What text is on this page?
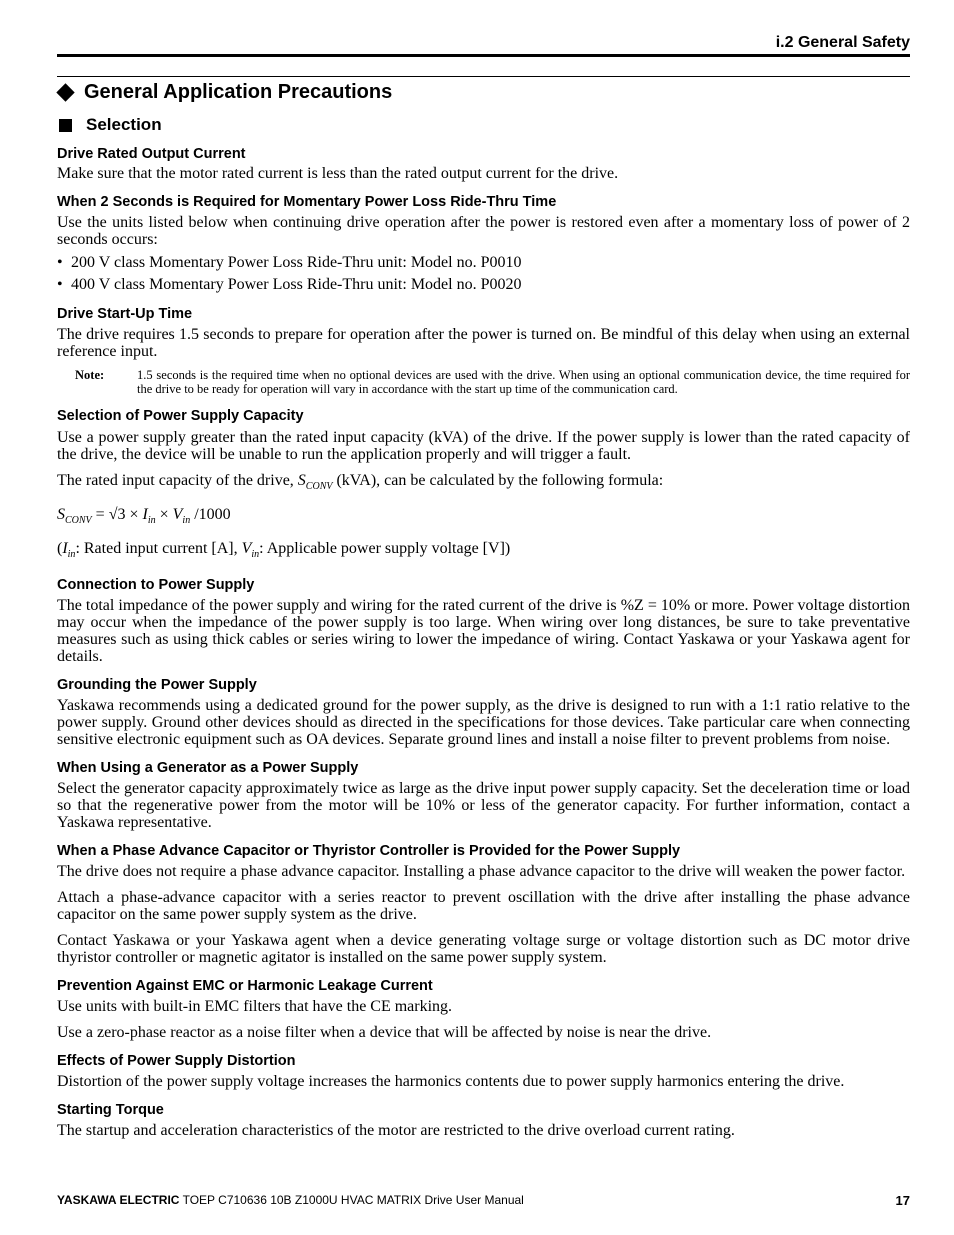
i.2 General Safety
General Application Precautions
Selection
Drive Rated Output Current

Make sure that the motor rated current is less than the rated output current for the drive.

When 2 Seconds is Required for Momentary Power Loss Ride-Thru Time

Use the units listed below when continuing drive operation after the power is restored even after a momentary loss of power of 2 seconds occurs:

• 200 V class Momentary Power Loss Ride-Thru unit: Model no. P0010
• 400 V class Momentary Power Loss Ride-Thru unit: Model no. P0020
Drive Start-Up Time

The drive requires 1.5 seconds to prepare for operation after the power is turned on. Be mindful of this delay when using an external reference input.

Note:	1.5 seconds is the required time when no optional devices are used with the drive. When using an optional communication device, the time required for the drive to be ready for operation will vary in accordance with the start up time of the communication card.
Selection of Power Supply Capacity

Use a power supply greater than the rated input capacity (kVA) of the drive. If the power supply is lower than the rated capacity of the drive, the device will be unable to run the application properly and will trigger a fault.

The rated input capacity of the drive, $S_{CONV}$ (kVA), can be calculated by the following formula:

$S_{CONV} = √3 \times I_{in} \times V_{in}$ /1000

($I_{in}$: Rated input current [A], $V_{in}$: Applicable power supply voltage [V])

Connection to Power Supply

The total impedance of the power supply and wiring for the rated current of the drive is %Z = 10% or more. Power voltage distortion may occur when the impedance of the power supply is too large. When wiring over long distances, be sure to take preventative measures such as using thick cables or series wiring to lower the impedance of wiring. Contact Yaskawa or your Yaskawa agent for details.

Grounding the Power Supply

Yaskawa recommends using a dedicated ground for the power supply, as the drive is designed to run with a 1:1 ratio relative to the power supply. Ground other devices should as directed in the specifications for those devices. Take particular care when connecting sensitive electronic equipment such as OA devices. Separate ground lines and install a noise filter to prevent problems from noise.

When Using a Generator as a Power Supply

Select the generator capacity approximately twice as large as the drive input power supply capacity. Set the deceleration time or load so that the regenerative power from the motor will be 10% or less of the generator capacity. For further information, contact a Yaskawa representative.

When a Phase Advance Capacitor or Thyristor Controller is Provided for the Power Supply

The drive does not require a phase advance capacitor. Installing a phase advance capacitor to the drive will weaken the power factor.

Attach a phase-advance capacitor with a series reactor to prevent oscillation with the drive after installing the phase advance capacitor on the same power supply system as the drive.

Contact Yaskawa or your Yaskawa agent when a device generating voltage surge or voltage distortion such as DC motor drive thyristor controller or magnetic agitator is installed on the same power supply system.

Prevention Against EMC or Harmonic Leakage Current

Use units with built-in EMC filters that have the CE marking.

Use a zero-phase reactor as a noise filter when a device that will be affected by noise is near the drive.

Effects of Power Supply Distortion

Distortion of the power supply voltage increases the harmonics contents due to power supply harmonics entering the drive.

Starting Torque

The startup and acceleration characteristics of the motor are restricted to the drive overload current rating.

YASKAWA ELECTRIC TOEP C710636 10B Z1000U HVAC MATRIX Drive User Manual	17
